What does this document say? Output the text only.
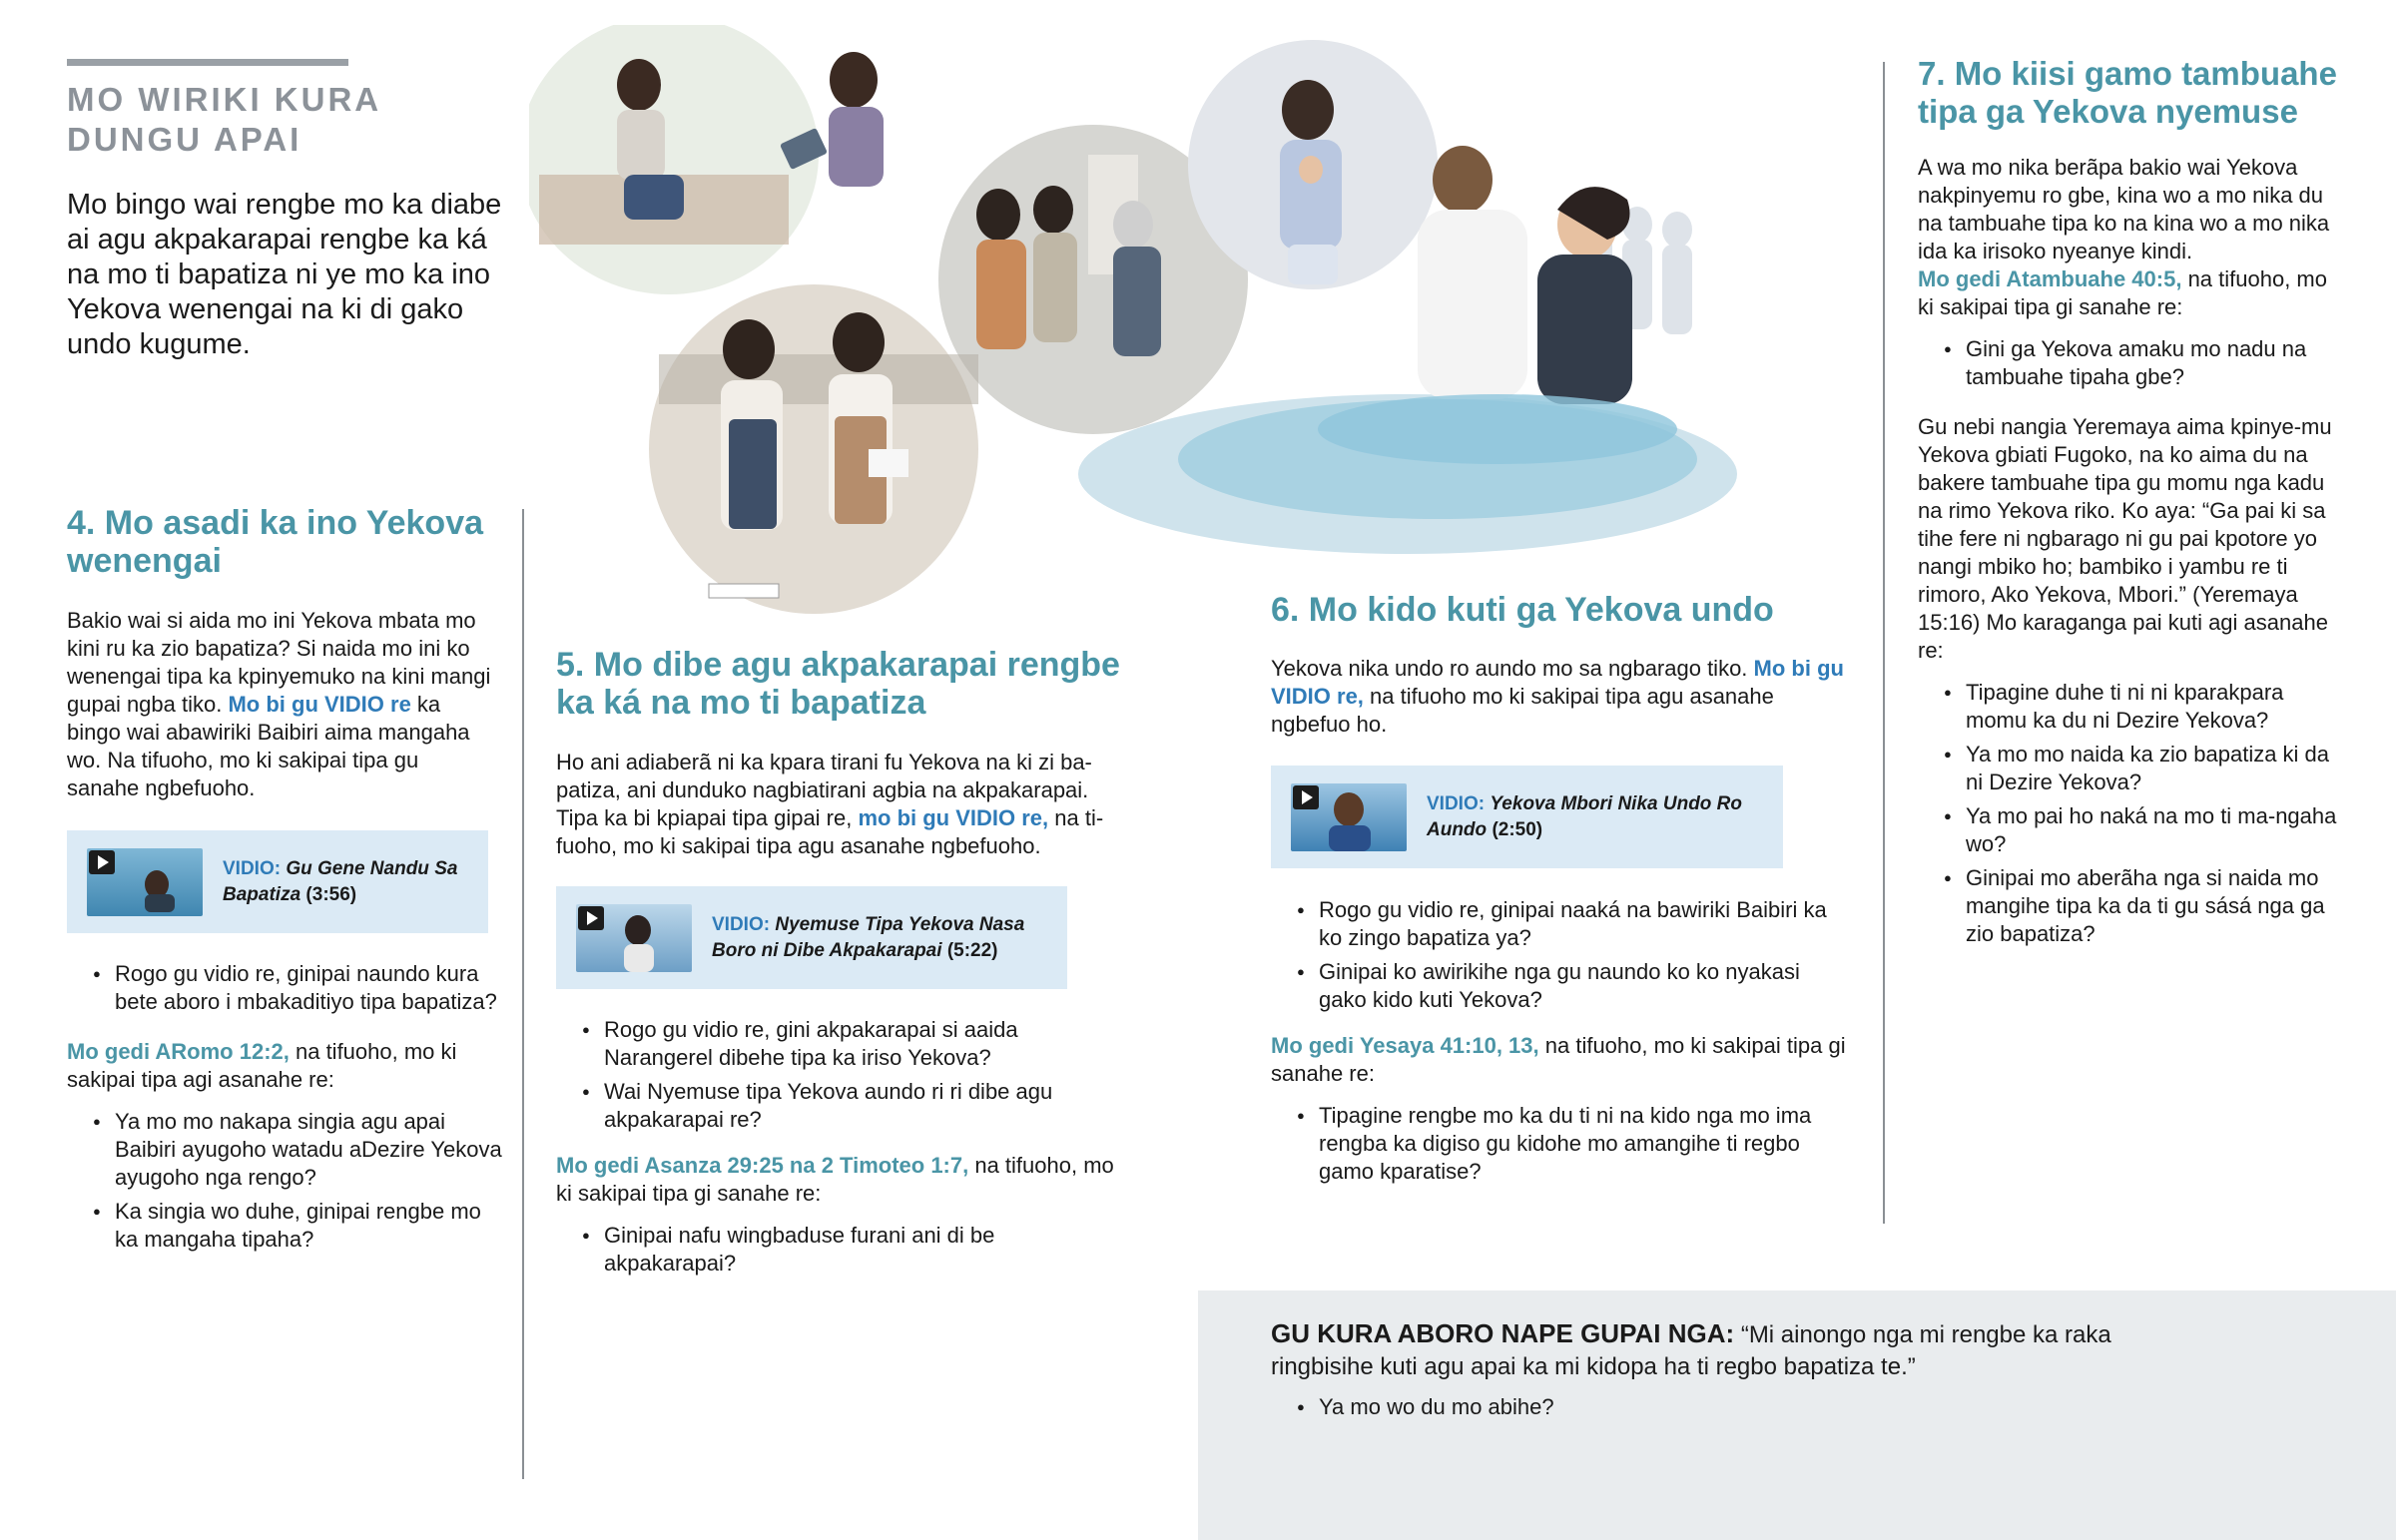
MO WIRIKI KURA DUNGU APAI
Mo bingo wai rengbe mo ka diabe ai agu akpakarapai rengbe ka ká na mo ti bapatiza ni ye mo ka ino Yekova wenengai na ki di gako undo kugume.
4. Mo asadi ka ino Yekova wenengai

Bakio wai si aida mo ini Yekova mbata mo kini ru ka zio bapatiza? Si naida mo ini ko wenengai tipa ka kpinyemuko na kini mangi gupai ngba tiko. Mo bi gu VIDIO re ka bingo wai abawiriki Baibiri aima mangaha wo. Na tifuoho, mo ki sakipai tipa gu sanahe ngbefuoho.

VIDIO: Gu Gene Nandu Sa Bapatiza (3:56)
● Rogo gu vidio re, ginipai naundo kura bete aboro i mbakaditiyo tipa bapatiza?

Mo gedi ARomo 12:2, na tifuoho, mo ki sakipai tipa agi asanahe re:

● Ya mo mo nakapa singia agu apai Baibiri ayugoho watadu aDezire Yekova ayugoho nga rengo?
● Ka singia wo duhe, ginipai rengbe mo ka mangaha tipaha?
5. Mo dibe agu akpakarapai rengbe ka ká na mo ti bapatiza

Ho ani adiaberã ni ka kpara tirani fu Yekova na ki zi ba-patiza, ani dunduko nagbiatirani agbia na akpakarapai. Tipa ka bi kpiapai tipa gipai re, mo bi gu VIDIO re, na ti-fuoho, mo ki sakipai tipa agu asanahe ngbefuoho.

VIDIO: Nyemuse Tipa Yekova Nasa Boro ni Dibe Akpakarapai (5:22)
● Rogo gu vidio re, gini akpakarapai si aaida Narangerel dibehe tipa ka iriso Yekova?
● Wai Nyemuse tipa Yekova aundo ri ri dibe agu akpakarapai re?

Mo gedi Asanza 29:25 na 2 Timoteo 1:7, na tifuoho, mo ki sakipai tipa gi sanahe re:

● Ginipai nafu wingbaduse furani ani di be akpakarapai?
6. Mo kido kuti ga Yekova undo

Yekova nika undo ro aundo mo sa ngbarago tiko. Mo bi gu VIDIO re, na tifuoho mo ki sakipai tipa agu asanahe ngbefuo ho.

VIDIO: Yekova Mbori Nika Undo Ro Aundo (2:50)
● Rogo gu vidio re, ginipai naaká na bawiriki Baibiri ka ko zingo bapatiza ya?
● Ginipai ko awirikihe nga gu naundo ko ko nyakasi gako kido kuti Yekova?

Mo gedi Yesaya 41:10, 13, na tifuoho, mo ki sakipai tipa gi sanahe re:

● Tipagine rengbe mo ka du ti ni na kido nga mo ima rengba ka digiso gu kidohe mo amangihe ti regbo gamo kparatise?
7. Mo kiisi gamo tambuahe tipa ga Yekova nyemuse

A wa mo nika berãpa bakio wai Yekova nakpinyemu ro gbe, kina wo a mo nika du na tambuahe tipa ko na kina wo a mo nika ida ka irisoko nyeanye kindi.

Mo gedi Atambuahe 40:5, na tifuoho, mo ki sakipai tipa gi sanahe re:

● Gini ga Yekova amaku mo nadu na tambuahe tipaha gbe?

Gu nebi nangia Yeremaya aima kpinye-mu Yekova gbiati Fugoko, na ko aima du na bakere tambuahe tipa gu momu nga kadu na rimo Yekova riko. Ko aya: “Ga pai ki sa tihe fere ni ngbarago ni gu pai kpotore yo nangi mbiko ho; bambiko i yambu re ti rimoro, Ako Yekova, Mbori.” (Yeremaya 15:16) Mo karaganga pai kuti agi asanahe re:

● Tipagine duhe ti ni ni kparakpara momu ka du ni Dezire Yekova?
● Ya mo mo naida ka zio bapatiza ki da ni Dezire Yekova?
● Ya mo pai ho naká na mo ti ma-ngaha wo?
● Ginipai mo aberãha nga si naida mo mangihe tipa ka da ti gu sásá nga ga zio bapatiza?

GU KURA ABORO NAPE GUPAI NGA: “Mi ainongo nga mi rengbe ka raka ringbisihe kuti agu apai ka mi kidopa ha ti regbo bapatiza te.”

● Ya mo wo du mo abihe?
